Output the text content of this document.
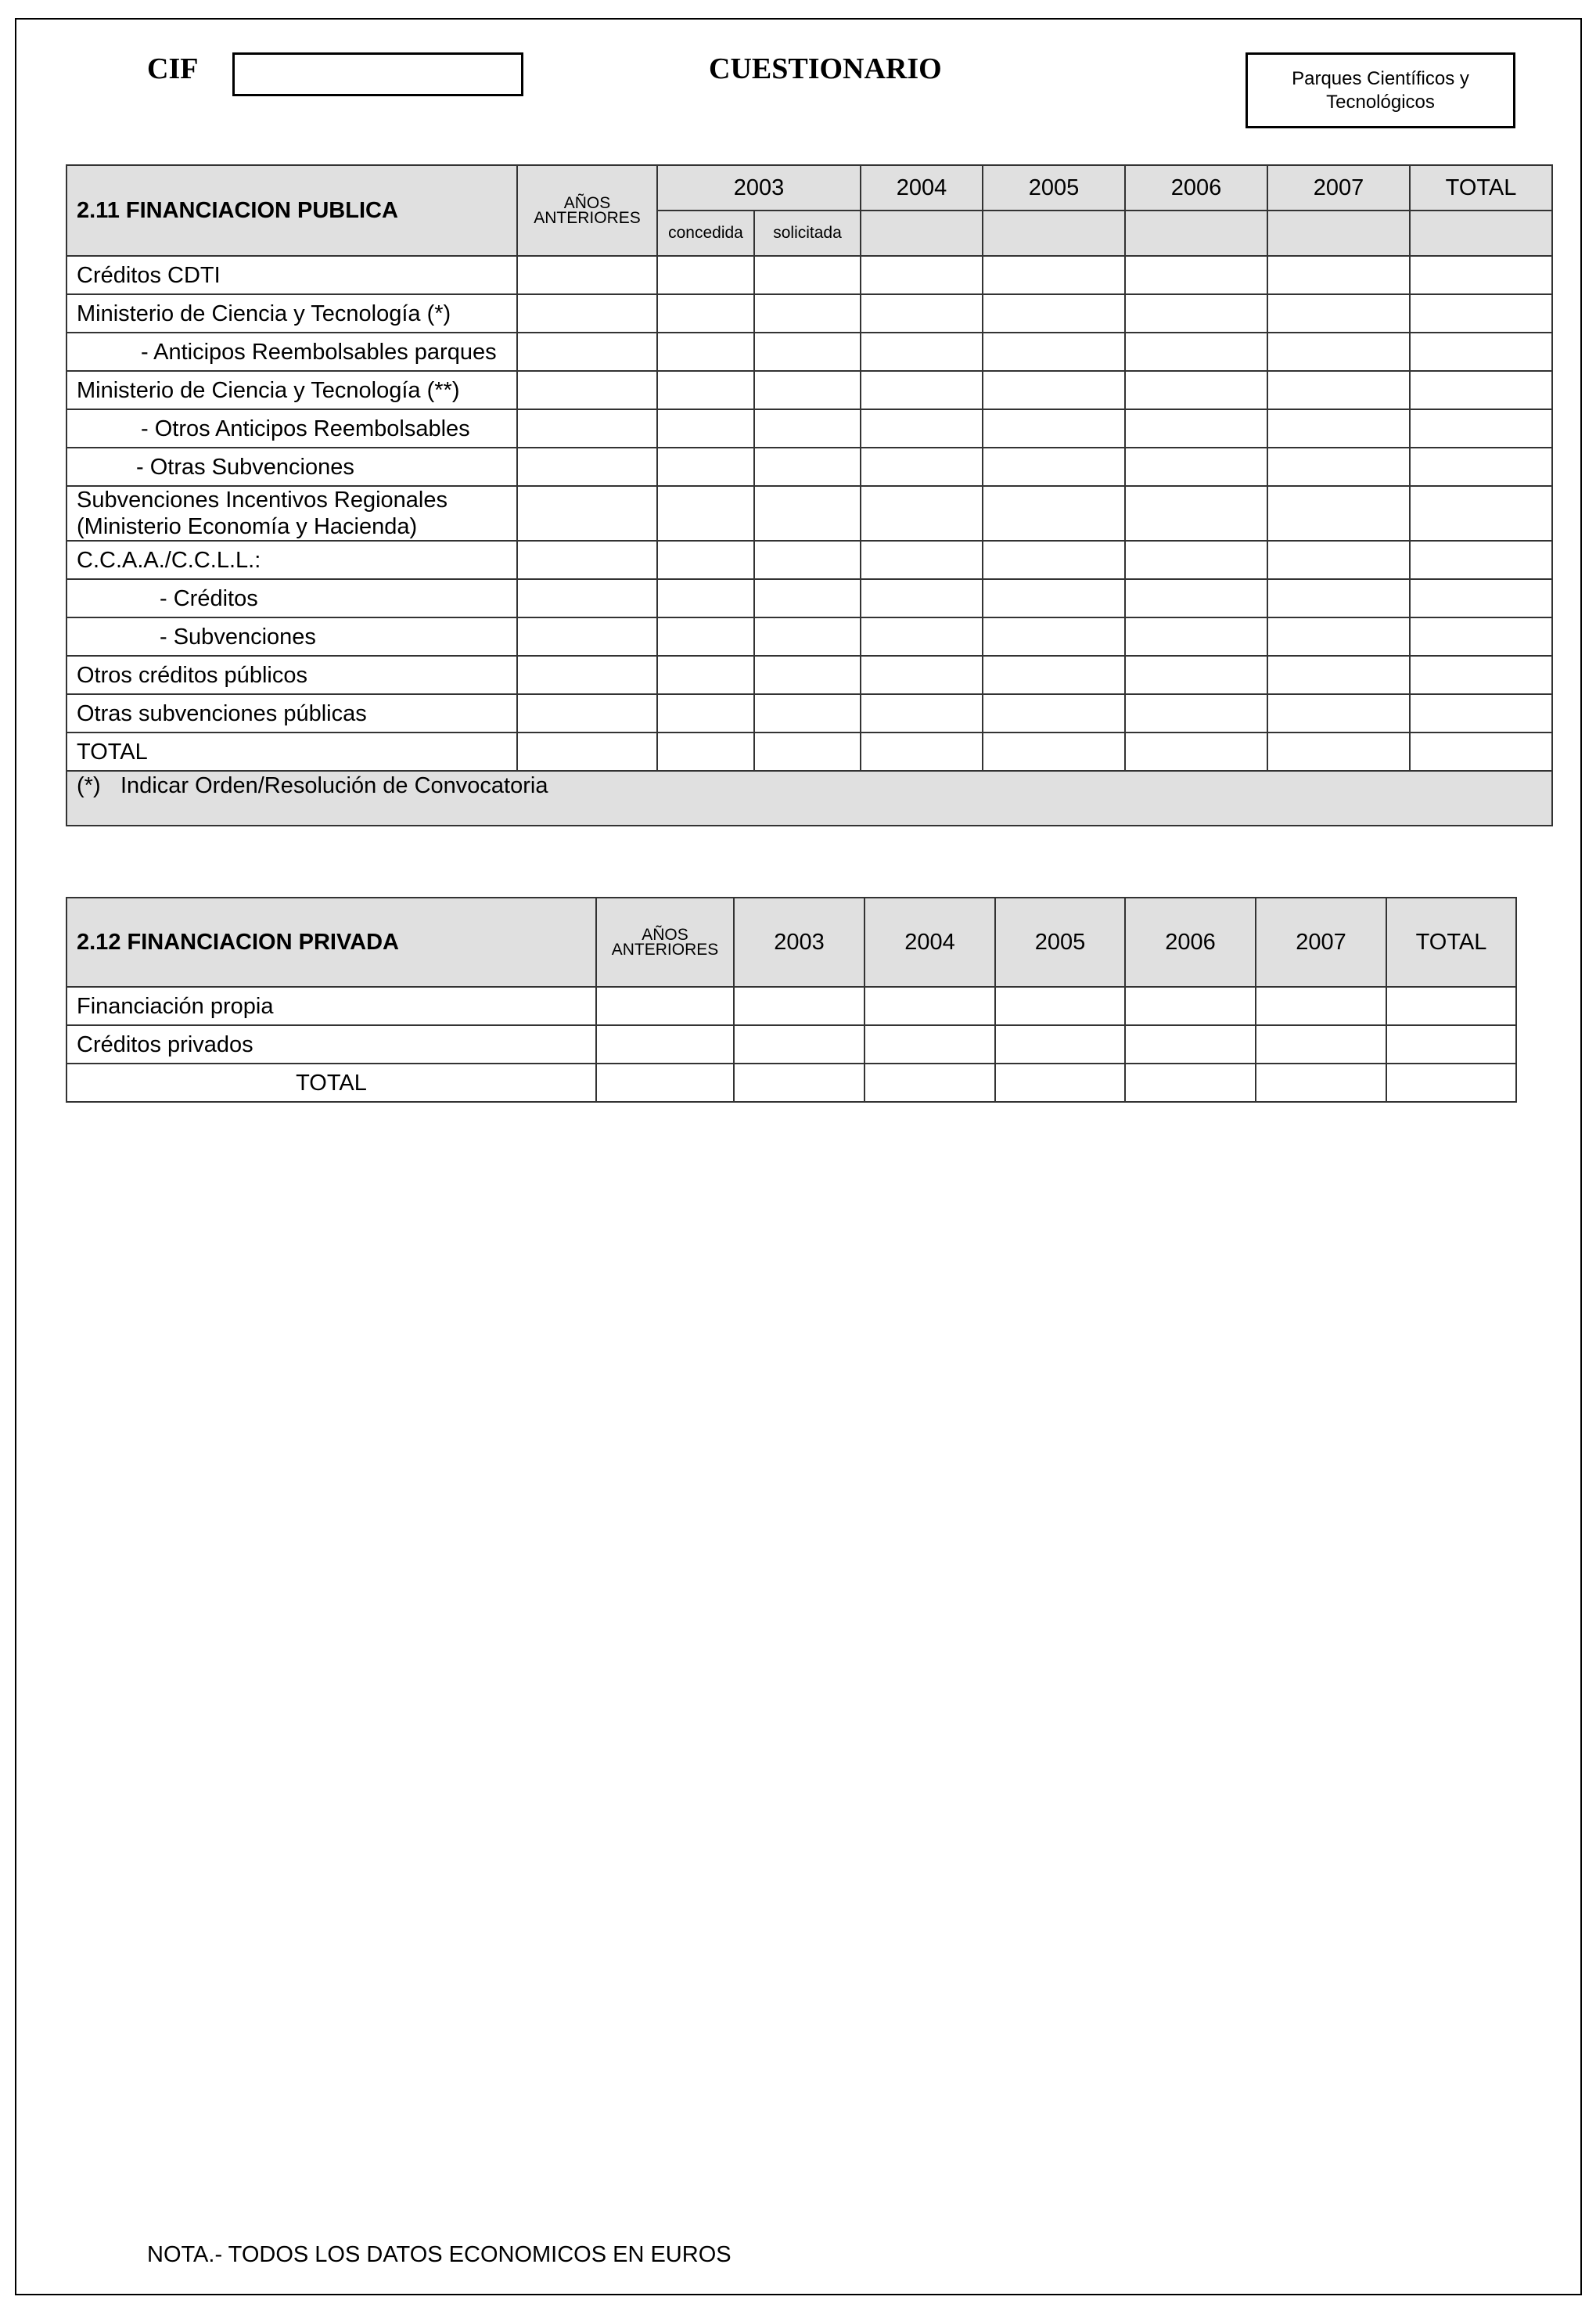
CIF	CUESTIONARIO	Parques Científicos y Tecnológicos
2.11 FINANCIACION PUBLICA	AÑOS ANTERIORES	2003		2004	2005	2006	2007	TOTAL
		concedida	solicitada					
Créditos CDTI								
Ministerio de Ciencia y Tecnología (*)								
- Anticipos Reembolsables parques								
Ministerio de Ciencia y Tecnología (**)								
- Otros Anticipos Reembolsables								
- Otras Subvenciones								
Subvenciones Incentivos Regionales (Ministerio Economía y Hacienda)								
C.C.A.A./C.C.L.L.:								
- Créditos								
- Subvenciones								
Otros créditos públicos								
Otras subvenciones públicas								
TOTAL								
(*) Indicar Orden/Resolución de Convocatoria								
2.12 FINANCIACION PRIVADA	AÑOS ANTERIORES	2003	2004	2005	2006	2007	TOTAL
Financiación propia							
Créditos privados							
TOTAL							
NOTA.- TODOS LOS DATOS ECONOMICOS EN EUROS
